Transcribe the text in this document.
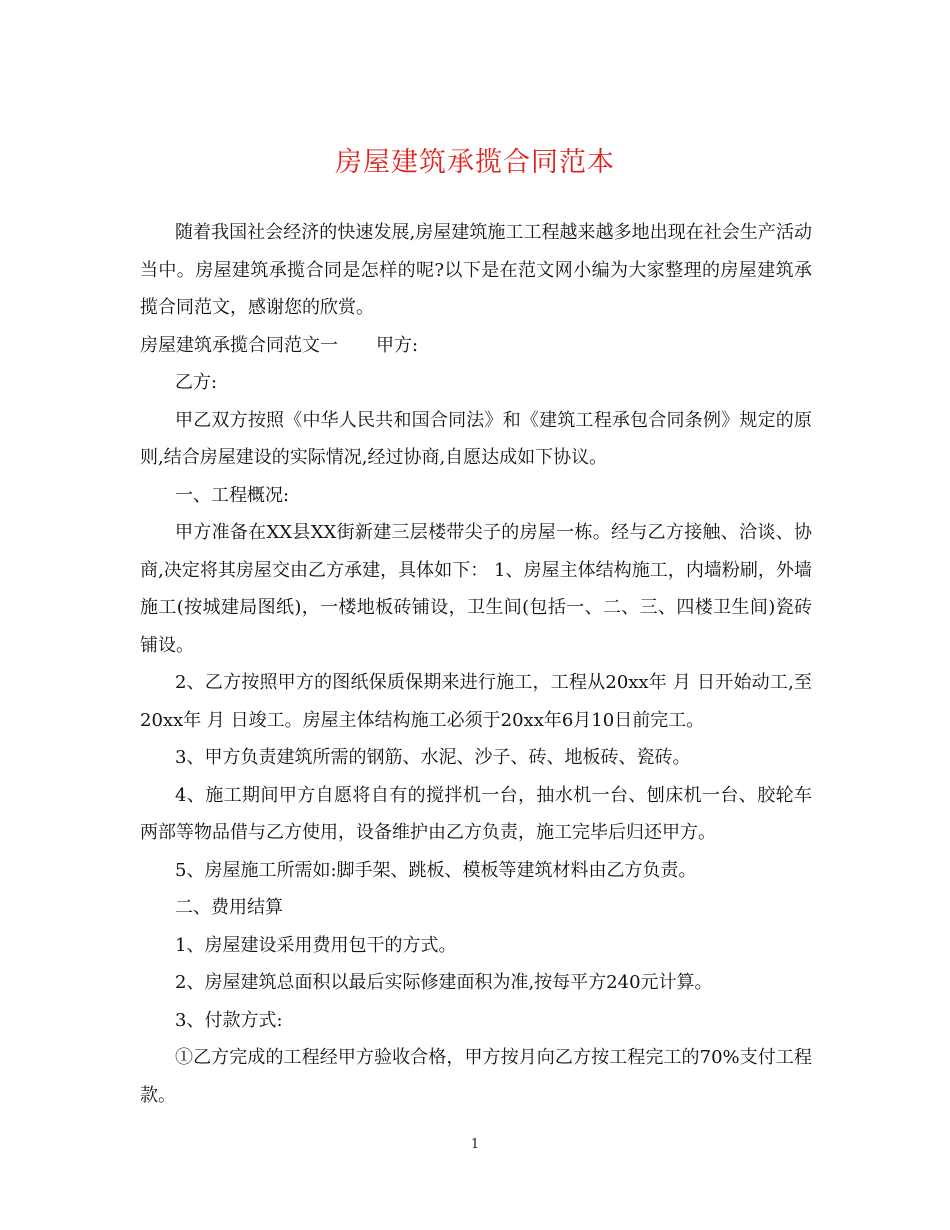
房屋建筑承揽合同范本

随着我国社会经济的快速发展,房屋建筑施工工程越来越多地出现在社会生产活动当中。房屋建筑承揽合同是怎样的呢?以下是在范文网小编为大家整理的房屋建筑承揽合同范文，感谢您的欣赏。

房屋建筑承揽合同范文一 甲方:

乙方:

甲乙双方按照《中华人民共和国合同法》和《建筑工程承包合同条例》规定的原则,结合房屋建设的实际情况,经过协商,自愿达成如下协议。

一、工程概况:

甲方准备在XX县XX街新建三层楼带尖子的房屋一栋。经与乙方接触、洽谈、协商,决定将其房屋交由乙方承建，具体如下： 1、房屋主体结构施工，内墙粉刷，外墙施工(按城建局图纸)，一楼地板砖铺设，卫生间(包括一、二、三、四楼卫生间)瓷砖铺设。

2、乙方按照甲方的图纸保质保期来进行施工，工程从20xx年 月 日开始动工,至20xx年 月 日竣工。房屋主体结构施工必须于20xx年6月10日前完工。

3、甲方负责建筑所需的钢筋、水泥、沙子、砖、地板砖、瓷砖。

4、施工期间甲方自愿将自有的搅拌机一台，抽水机一台、刨床机一台、胶轮车两部等物品借与乙方使用，设备维护由乙方负责，施工完毕后归还甲方。

5、房屋施工所需如:脚手架、跳板、模板等建筑材料由乙方负责。

二、费用结算

1、房屋建设采用费用包干的方式。

2、房屋建筑总面积以最后实际修建面积为准,按每平方240元计算。

3、付款方式:

①乙方完成的工程经甲方验收合格，甲方按月向乙方按工程完工的70%支付工程款。

1
